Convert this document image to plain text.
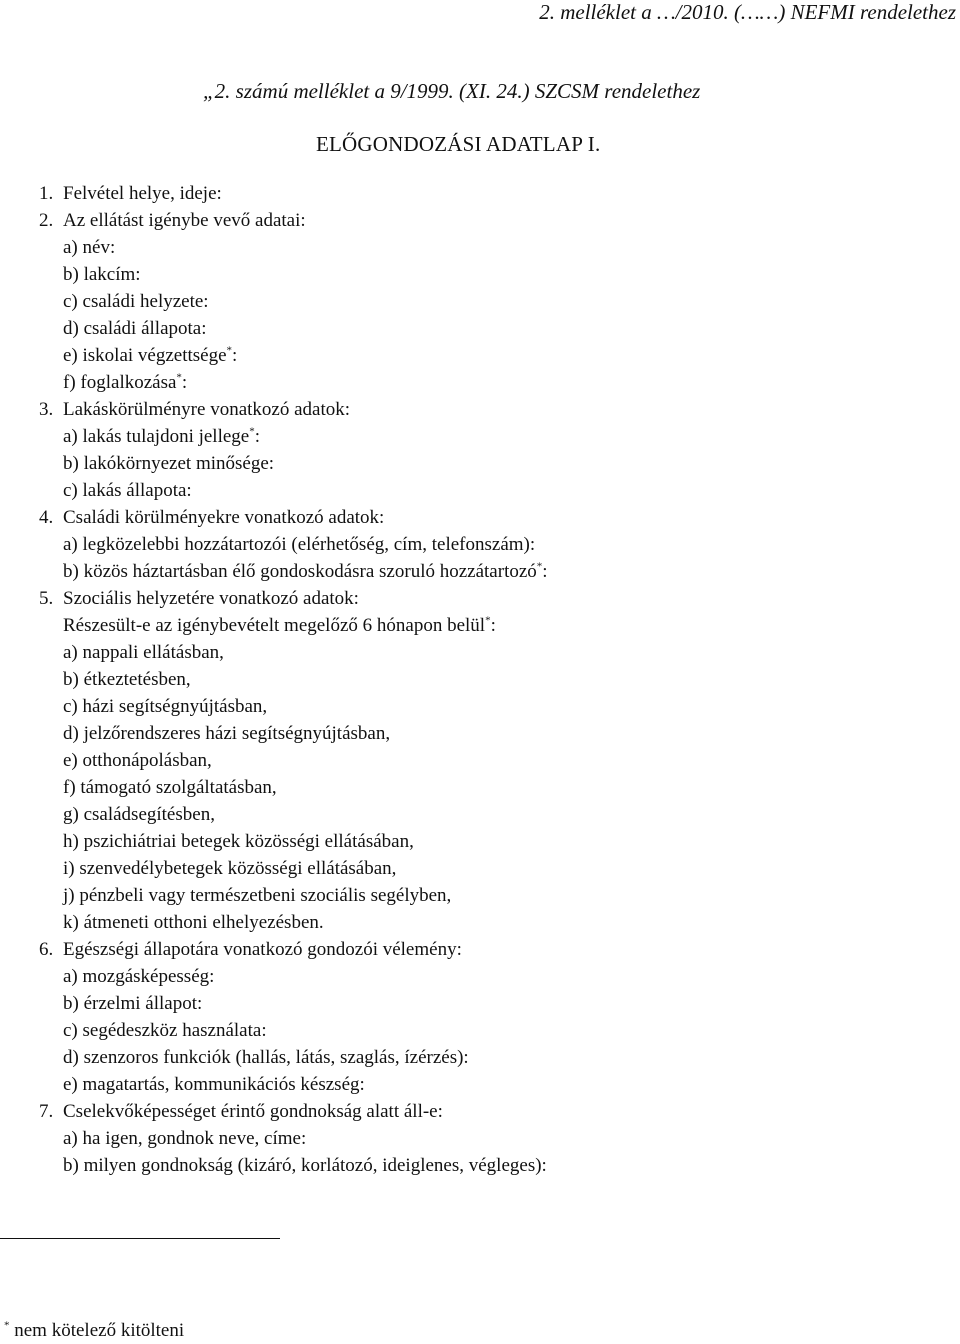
2. melléklet a …/2010. (……) NEFMI rendelethez
„2. számú melléklet a 9/1999. (XI. 24.) SZCSM rendelethez
ELŐGONDOZÁSI ADATLAP I.
1. Felvétel helye, ideje:
2. Az ellátást igénybe vevő adatai:
a) név:
b) lakcím:
c) családi helyzete:
d) családi állapota:
e) iskolai végzettsége*:
f) foglalkozása*:
3. Lakáskörülményre vonatkozó adatok:
a) lakás tulajdoni jellege*:
b) lakókörnyezet minősége:
c) lakás állapota:
4. Családi körülményekre vonatkozó adatok:
a) legközelebbi hozzátartozói (elérhetőség, cím, telefonszám):
b) közös háztartásban élő gondoskodásra szoruló hozzátartozó*:
5. Szociális helyzetére vonatkozó adatok:
Részesült-e az igénybevételt megelőző 6 hónapon belül*:
a) nappali ellátásban,
b) étkeztetésben,
c) házi segítségnyújtásban,
d) jelzőrendszeres házi segítségnyújtásban,
e) otthonápolásban,
f) támogató szolgáltatásban,
g) családsegítésben,
h) pszichiátriai betegek közösségi ellátásában,
i) szenvedélybetegek közösségi ellátásában,
j) pénzbeli vagy természetbeni szociális segélyben,
k) átmeneti otthoni elhelyezésben.
6. Egészségi állapotára vonatkozó gondozói vélemény:
a) mozgásképesség:
b) érzelmi állapot:
c) segédeszköz használata:
d) szenzoros funkciók (hallás, látás, szaglás, ízérzés):
e) magatartás, kommunikációs készség:
7. Cselekvőképességet érintő gondnokság alatt áll-e:
a) ha igen, gondnok neve, címe:
b) milyen gondnokság (kizáró, korlátozó, ideiglenes, végleges):
* nem kötelező kitölteni
